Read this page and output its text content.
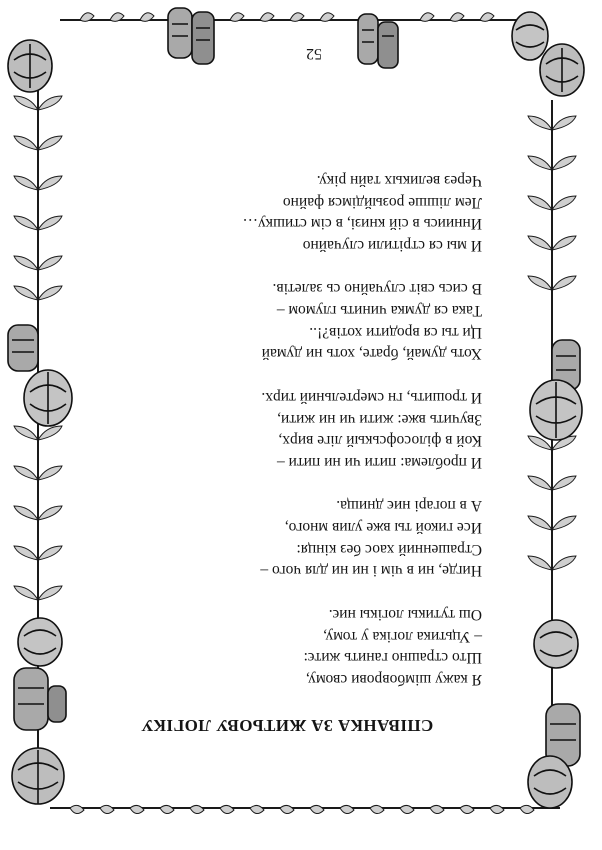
52
СПІВАНКА ЗА ЖИТЬОВУ ЛОГІКУ
Я кажу шімбоврови свому,
Што страшно ганить житє:
– Уцьтика логіка у тому,
Ош тутикы логікы ниє.
Нигде, ни в чім і ни ни для чого –
Страшенний хаос без кінця:
Исе гикой ты вже улив много,
А в погарі ниє днища.
И проблема: пити чи ни пити –
Кой в філософськый ліге вирх,
Звучить вже: жити чи ни жити,
И трошить, гн смертельний тирх.
Хоть думай, брате, хоть ни думай
Ци ты ся вродити хотів?!..
Така ся думка чинить глумом –
В сись світ случайно сь залетів.
И мы ся стрітили случайно
Инниись в сій книзі, в сім стишку…
Лем лішше розыйдімся файно
Через великых тайн ріку.
